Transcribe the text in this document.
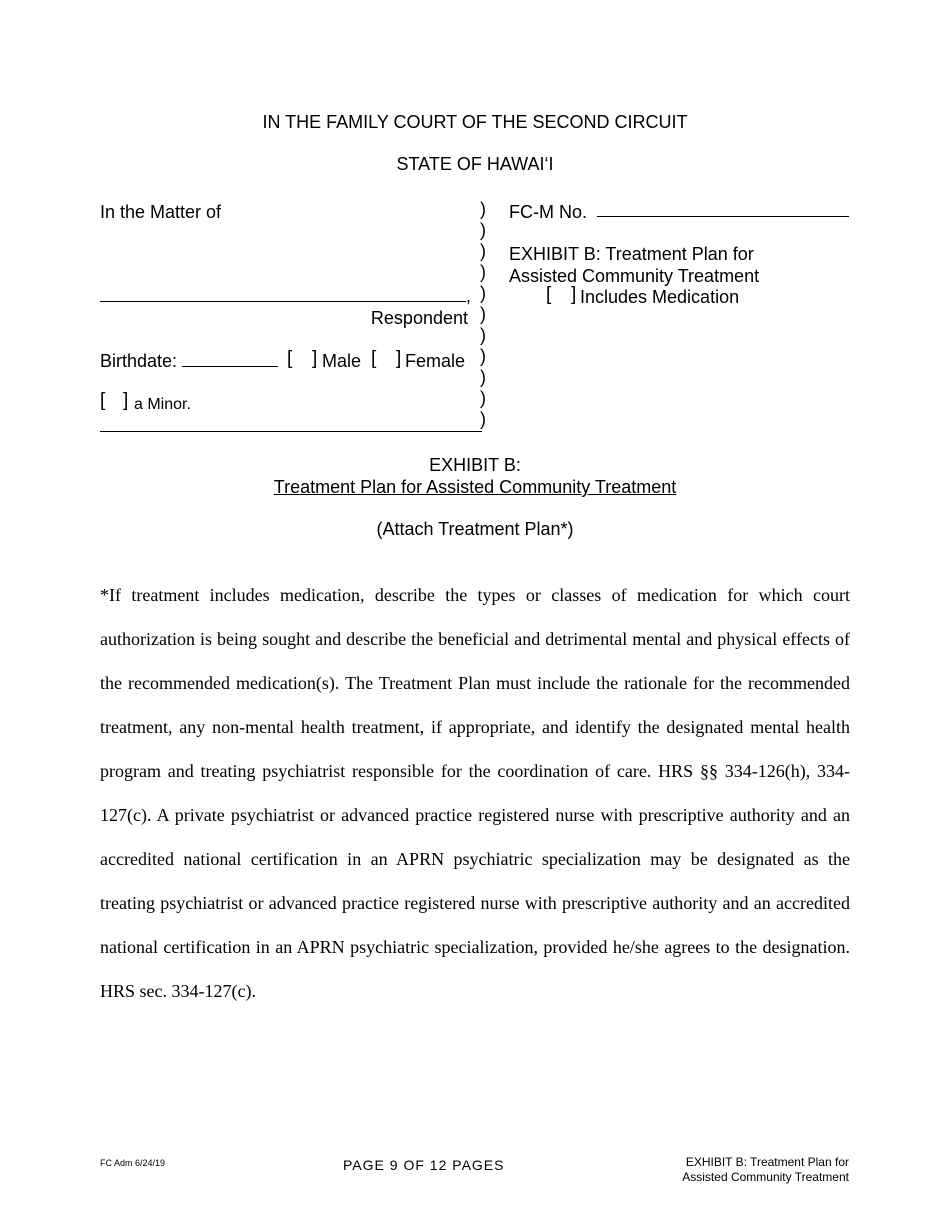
IN THE FAMILY COURT OF THE SECOND CIRCUIT
STATE OF HAWAI‘I
In the Matter of
,
Respondent
Birthdate:	[ ] Male [ ] Female
[ ] a Minor.
)
)
)
)
)
)
)
)
)
)
)
FC-M No.
EXHIBIT B: Treatment Plan for
Assisted Community Treatment
[ ] Includes Medication
EXHIBIT B:
Treatment Plan for Assisted Community Treatment
(Attach Treatment Plan*)
*If treatment includes medication, describe the types or classes of medication for which court authorization is being sought and describe the beneficial and detrimental mental and physical effects of the recommended medication(s). The Treatment Plan must include the rationale for the recommended treatment, any non-mental health treatment, if appropriate, and identify the designated mental health program and treating psychiatrist responsible for the coordination of care. HRS §§ 334-126(h), 334-127(c). A private psychiatrist or advanced practice registered nurse with prescriptive authority and an accredited national certification in an APRN psychiatric specialization may be designated as the treating psychiatrist or advanced practice registered nurse with prescriptive authority and an accredited national certification in an APRN psychiatric specialization, provided he/she agrees to the designation. HRS sec. 334-127(c).
FC Adm 6/24/19	PAGE 9 OF 12 PAGES	EXHIBIT B: Treatment Plan for
Assisted Community Treatment
